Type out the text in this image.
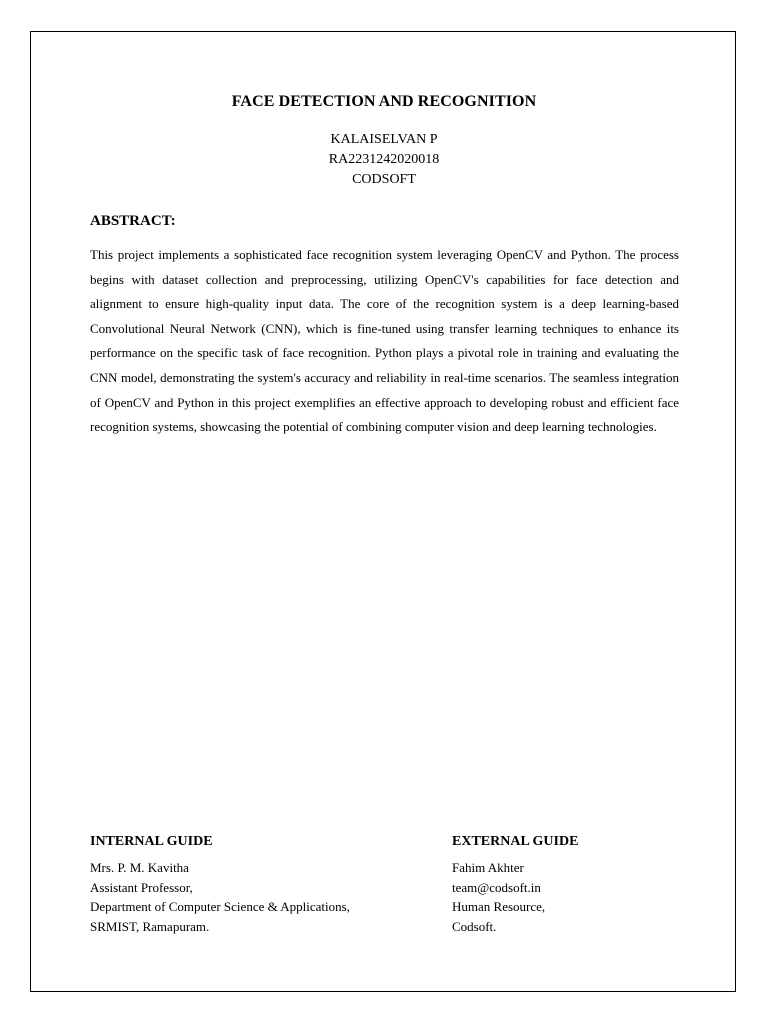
FACE DETECTION AND RECOGNITION
KALAISELVAN P
RA2231242020018
CODSOFT
ABSTRACT:
This project implements a sophisticated face recognition system leveraging OpenCV and Python. The process begins with dataset collection and preprocessing, utilizing OpenCV's capabilities for face detection and alignment to ensure high-quality input data. The core of the recognition system is a deep learning-based Convolutional Neural Network (CNN), which is fine-tuned using transfer learning techniques to enhance its performance on the specific task of face recognition. Python plays a pivotal role in training and evaluating the CNN model, demonstrating the system's accuracy and reliability in real-time scenarios. The seamless integration of OpenCV and Python in this project exemplifies an effective approach to developing robust and efficient face recognition systems, showcasing the potential of combining computer vision and deep learning technologies.
INTERNAL GUIDE
Mrs. P. M. Kavitha
Assistant Professor,
Department of Computer Science & Applications,
SRMIST, Ramapuram.
EXTERNAL GUIDE
Fahim Akhter
team@codsoft.in
Human Resource,
Codsoft.
